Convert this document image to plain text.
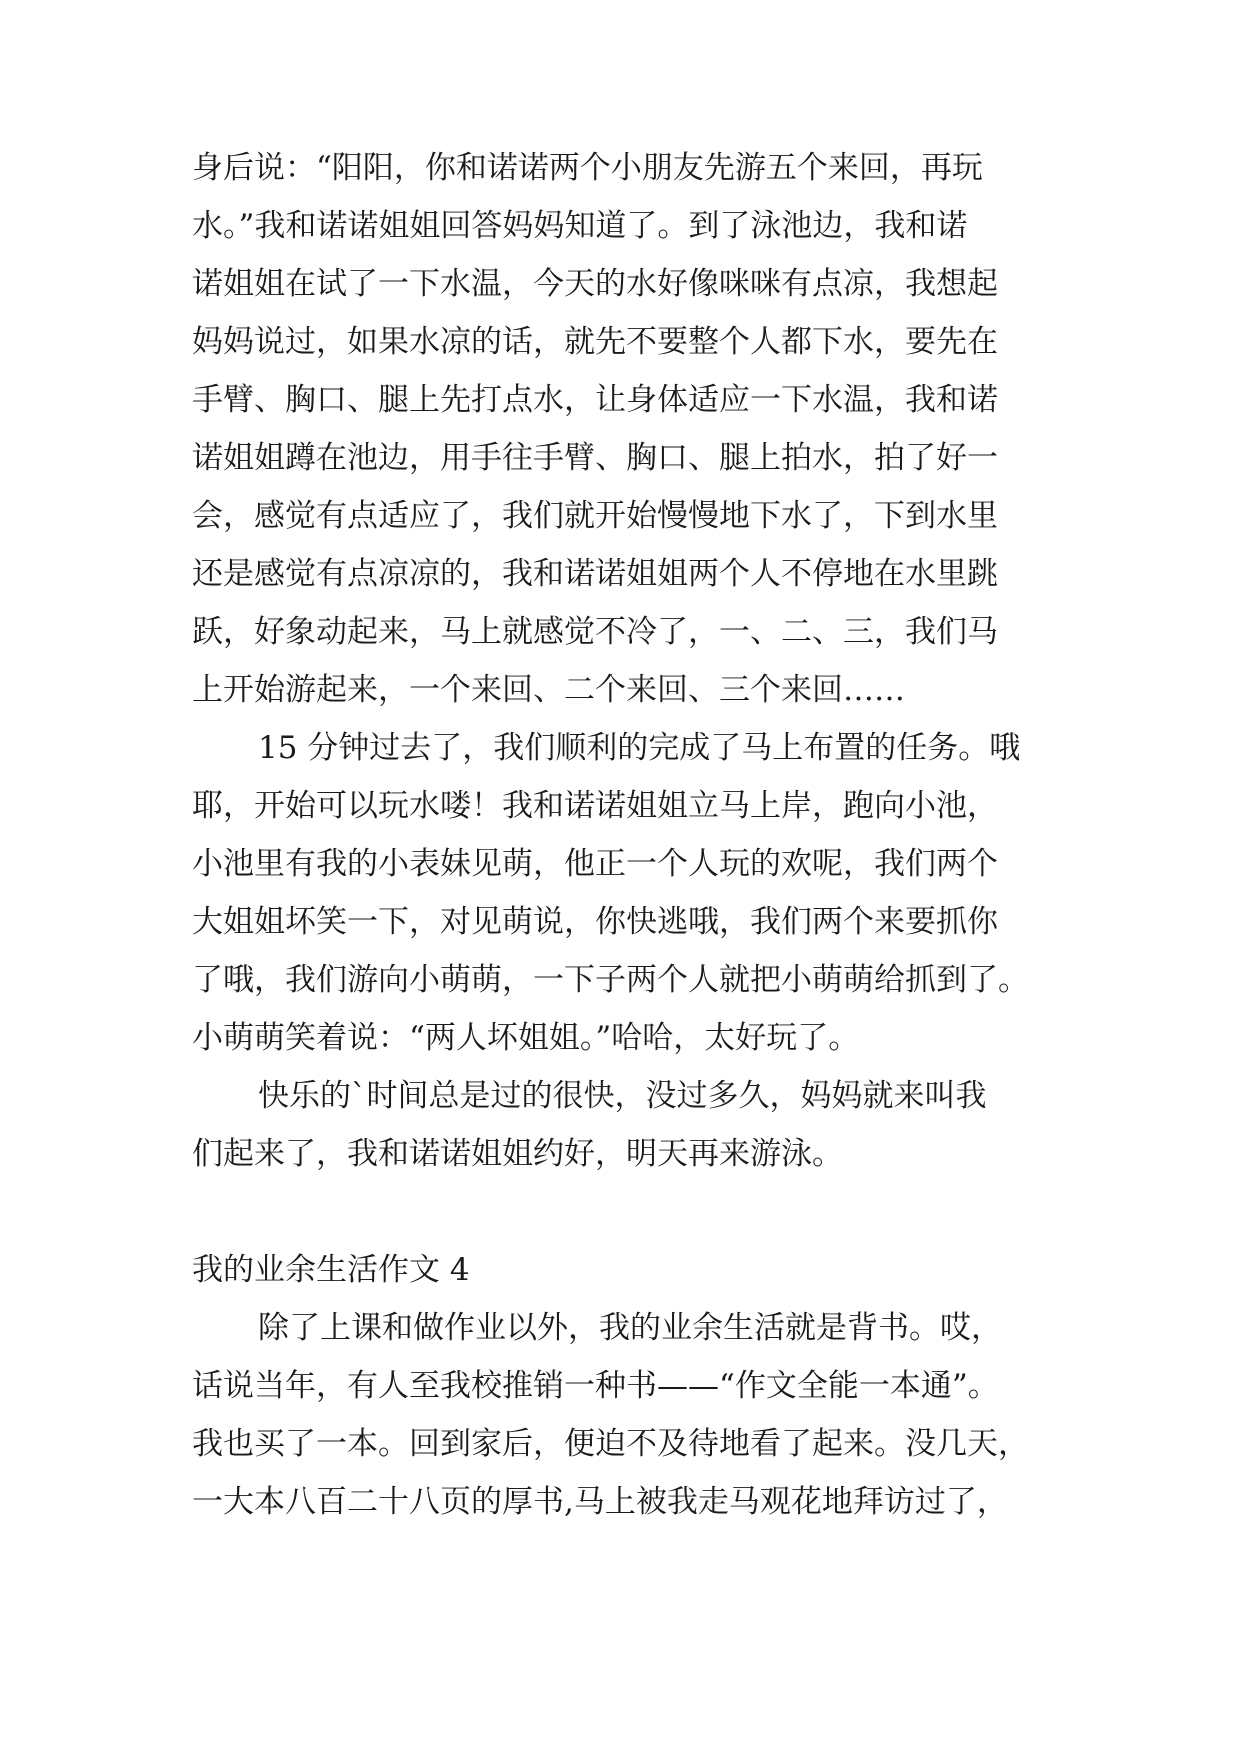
身后说：“阳阳，你和诺诺两个小朋友先游五个来回，再玩
水。”我和诺诺姐姐回答妈妈知道了。到了泳池边，我和诺
诺姐姐在试了一下水温，今天的水好像咪咪有点凉，我想起
妈妈说过，如果水凉的话，就先不要整个人都下水，要先在
手臂、胸口、腿上先打点水，让身体适应一下水温，我和诺
诺姐姐蹲在池边，用手往手臂、胸口、腿上拍水，拍了好一
会，感觉有点适应了，我们就开始慢慢地下水了，下到水里
还是感觉有点凉凉的，我和诺诺姐姐两个人不停地在水里跳
跃，好象动起来，马上就感觉不冷了，一、二、三，我们马
上开始游起来，一个来回、二个来回、三个来回……
15 分钟过去了，我们顺利的完成了马上布置的任务。哦
耶，开始可以玩水喽！我和诺诺姐姐立马上岸，跑向小池，
小池里有我的小表妹见萌，他正一个人玩的欢呢，我们两个
大姐姐坏笑一下，对见萌说，你快逃哦，我们两个来要抓你
了哦，我们游向小萌萌，一下子两个人就把小萌萌给抓到了。
小萌萌笑着说：“两人坏姐姐。”哈哈，太好玩了。
快乐的`时间总是过的很快，没过多久，妈妈就来叫我
们起来了，我和诺诺姐姐约好，明天再来游泳。
我的业余生活作文 4
除了上课和做作业以外，我的业余生活就是背书。哎，
话说当年，有人至我校推销一种书——“作文全能一本通”。
我也买了一本。回到家后，便迫不及待地看了起来。没几天，
一大本八百二十八页的厚书,马上被我走马观花地拜访过了，
